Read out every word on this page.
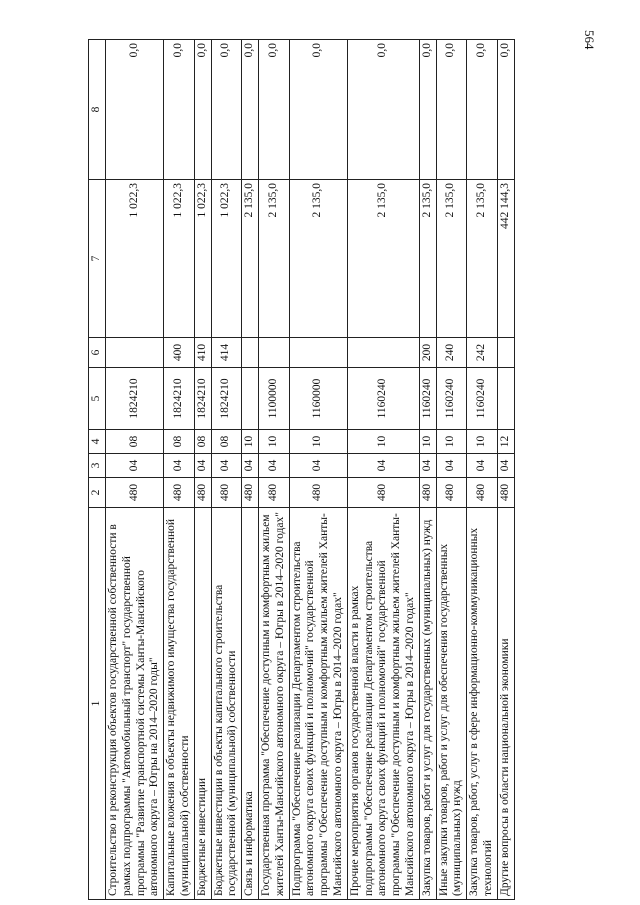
564
1	2	3	4	5	6	7	8
Строительство и реконструкция объектов государственной собственности в рамках подпрограммы "Автомобильный транспорт" государственной программы "Развитие транспортной системы Ханты-Мансийского автономного округа – Югры на 2014–2020 годы"	480	04	08	1824210		1 022,3	0,0
Капитальные вложения в объекты недвижимого имущества государственной (муниципальной) собственности	480	04	08	1824210	400	1 022,3	0,0
Бюджетные инвестиции	480	04	08	1824210	410	1 022,3	0,0
Бюджетные инвестиции в объекты капитального строительства государственной (муниципальной) собственности	480	04	08	1824210	414	1 022,3	0,0
Связь и информатика	480	04	10			2 135,0	0,0
Государственная программа "Обеспечение доступным и комфортным жильем жителей Ханты-Мансийского автономного округа – Югры в 2014–2020 годах"	480	04	10	1100000		2 135,0	0,0
Подпрограмма "Обеспечение реализации Департаментом строительства автономного округа своих функций и полномочий" государственной программы "Обеспечение доступным и комфортным жильем жителей Ханты-Мансийского автономного округа – Югры в 2014–2020 годах"	480	04	10	1160000		2 135,0	0,0
Прочие мероприятия органов государственной власти в рамках подпрограммы "Обеспечение реализации Департаментом строительства автономного округа своих функций и полномочий" государственной программы "Обеспечение доступным и комфортным жильем жителей Ханты-Мансийского автономного округа – Югры в 2014–2020 годах"	480	04	10	1160240		2 135,0	0,0
Закупка товаров, работ и услуг для государственных (муниципальных) нужд	480	04	10	1160240	200	2 135,0	0,0
Иные закупки товаров, работ и услуг для обеспечения государственных (муниципальных) нужд	480	04	10	1160240	240	2 135,0	0,0
Закупка товаров, работ, услуг в сфере информационно-коммуникационных технологий	480	04	10	1160240	242	2 135,0	0,0
Другие вопросы в области национальной экономики	480	04	12			442 144,3	0,0
